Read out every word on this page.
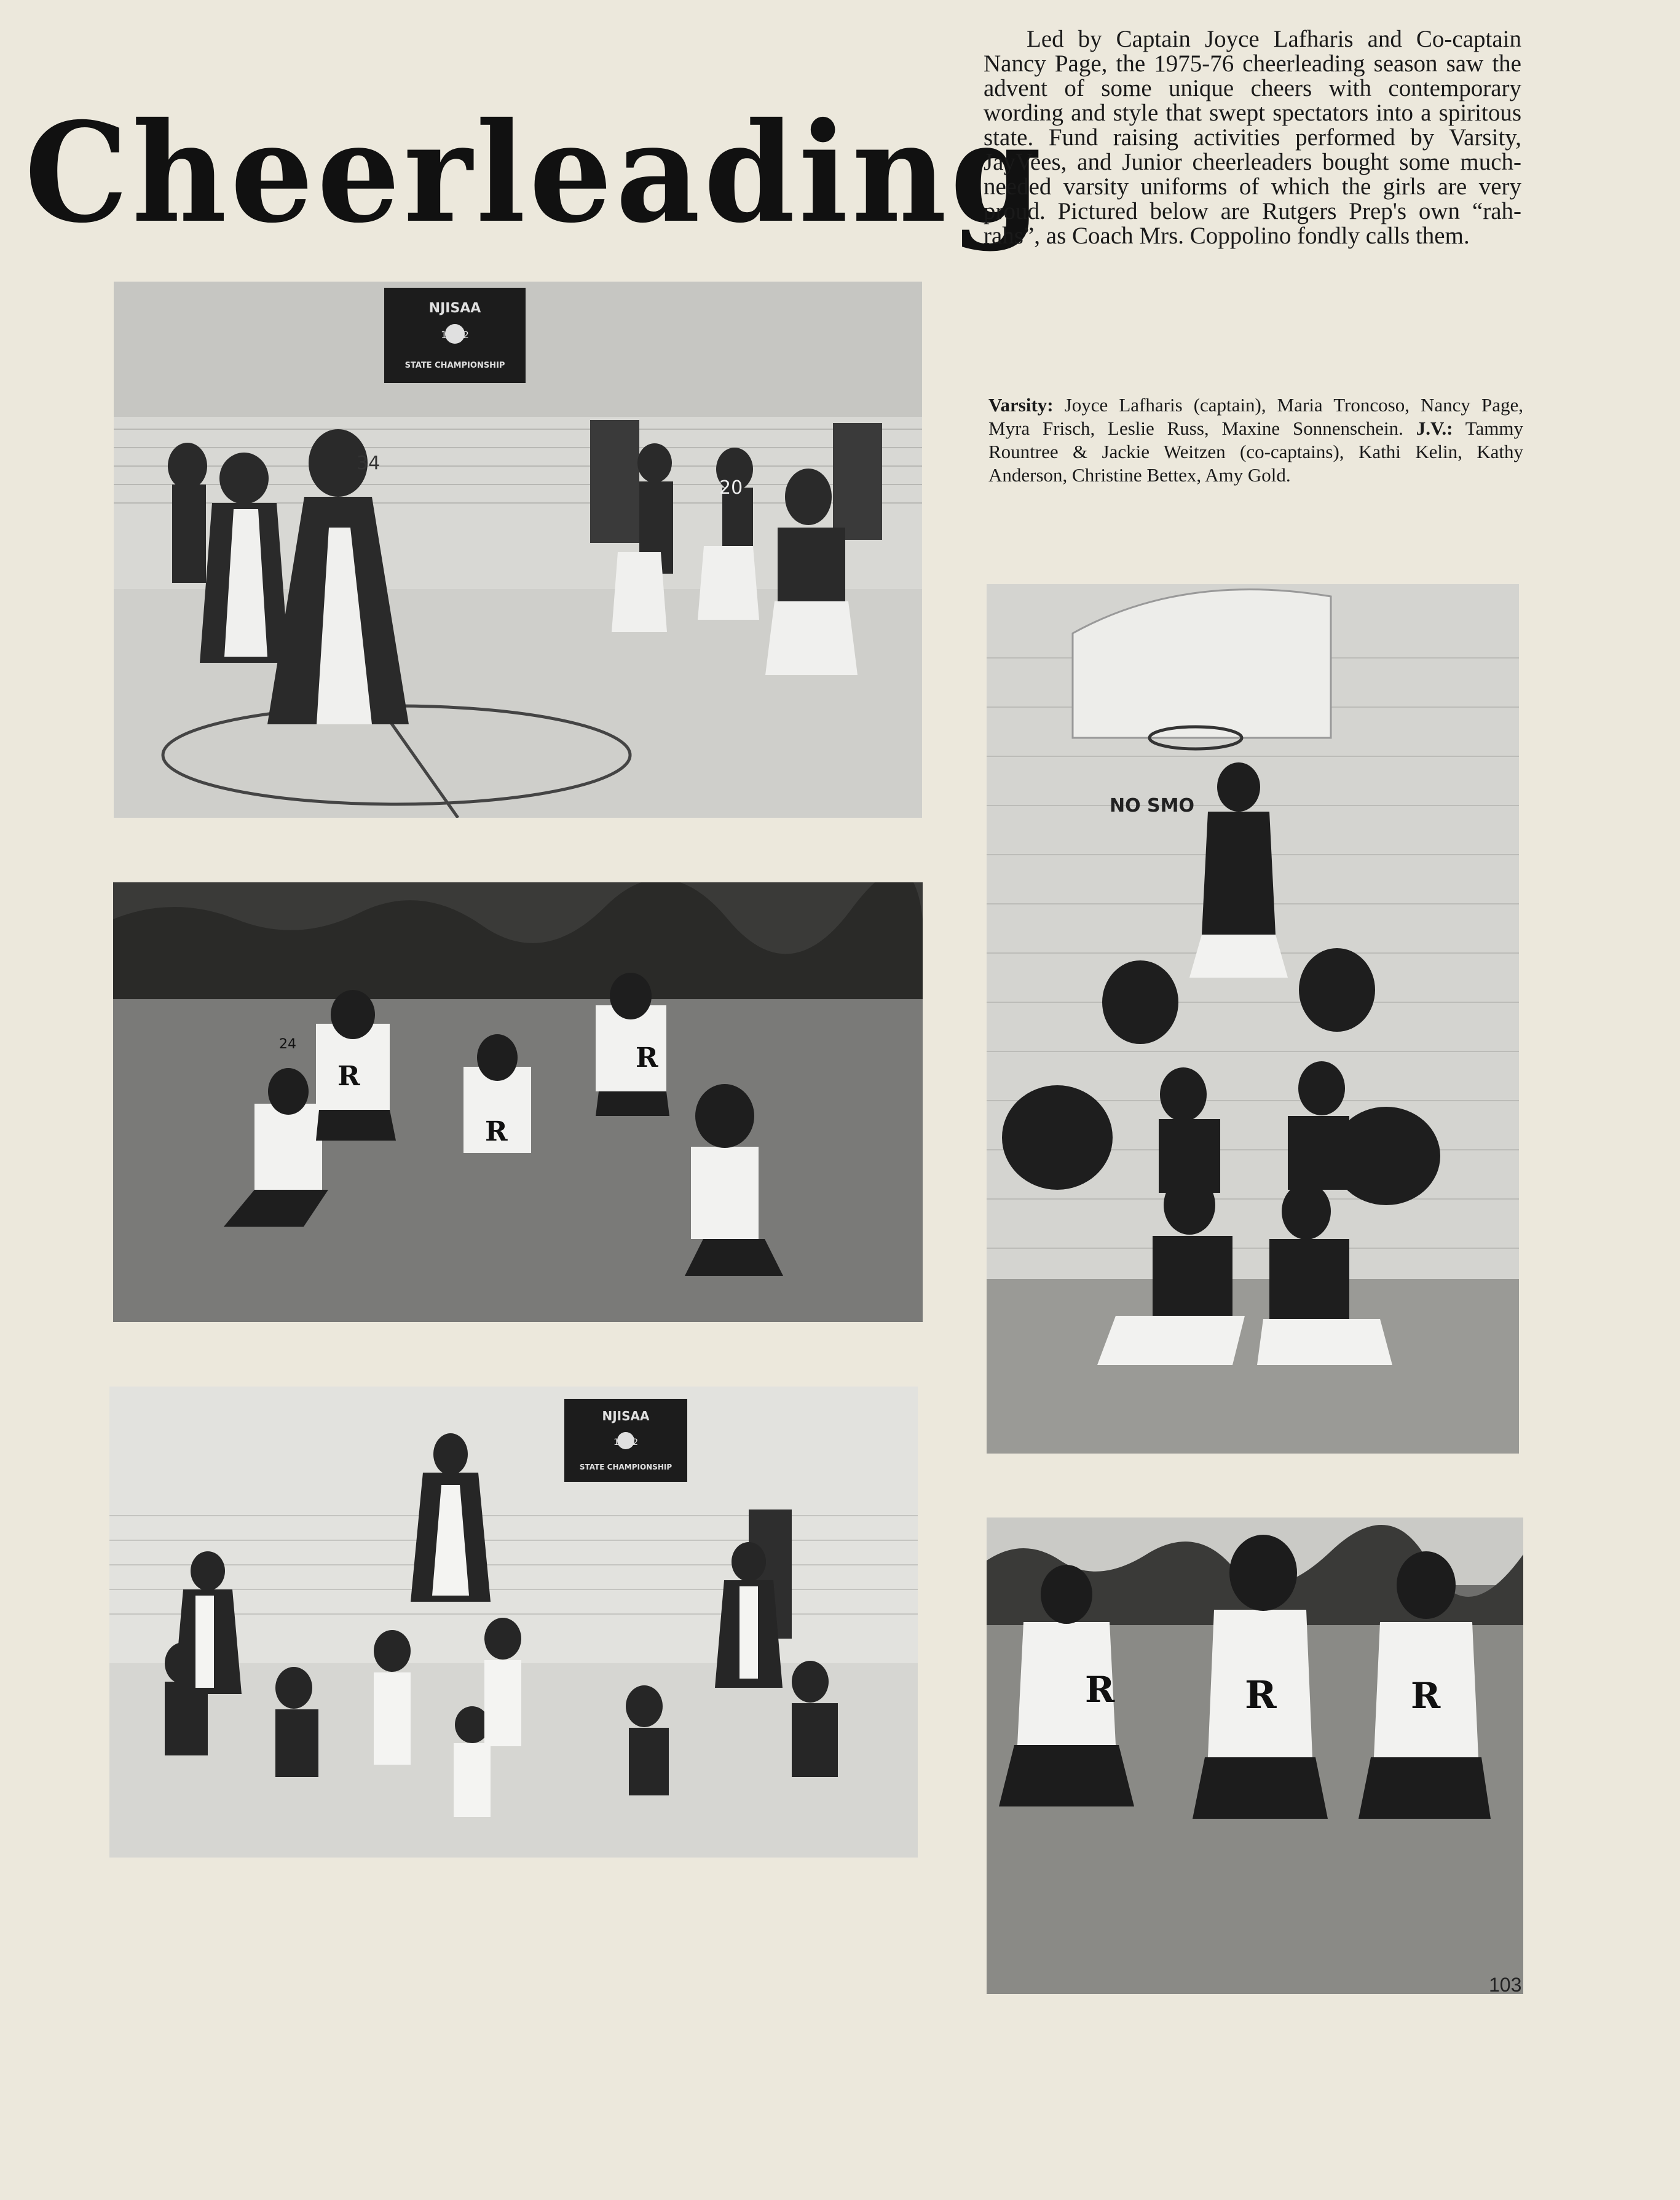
Cheerleading

Led by Captain Joyce Lafharis and Co-captain Nancy Page, the 1975-76 cheerleading season saw the advent of some unique cheers with contemporary wording and style that swept spectators into a spiritous state. Fund raising activities performed by Varsity, JayVees, and Junior cheerleaders bought some much-needed varsity uniforms of which the girls are very proud. Pictured below are Rutgers Prep's own “rah-rahs”, as Coach Mrs. Coppolino fondly calls them.

Varsity: Joyce Lafharis (captain), Maria Troncoso, Nancy Page, Myra Frisch, Leslie Russ, Maxine Sonnenschein. J.V.: Tammy Rountree & Jackie Weitzen (co-captains), Kathi Kelin, Kathy Anderson, Christine Bettex, Amy Gold.

NJISAA
19 72
STATE CHAMPIONSHIP
34
20
R
R
R
24
NJISAA
19 72
STATE CHAMPIONSHIP
NO SMO
R	R	R
103
